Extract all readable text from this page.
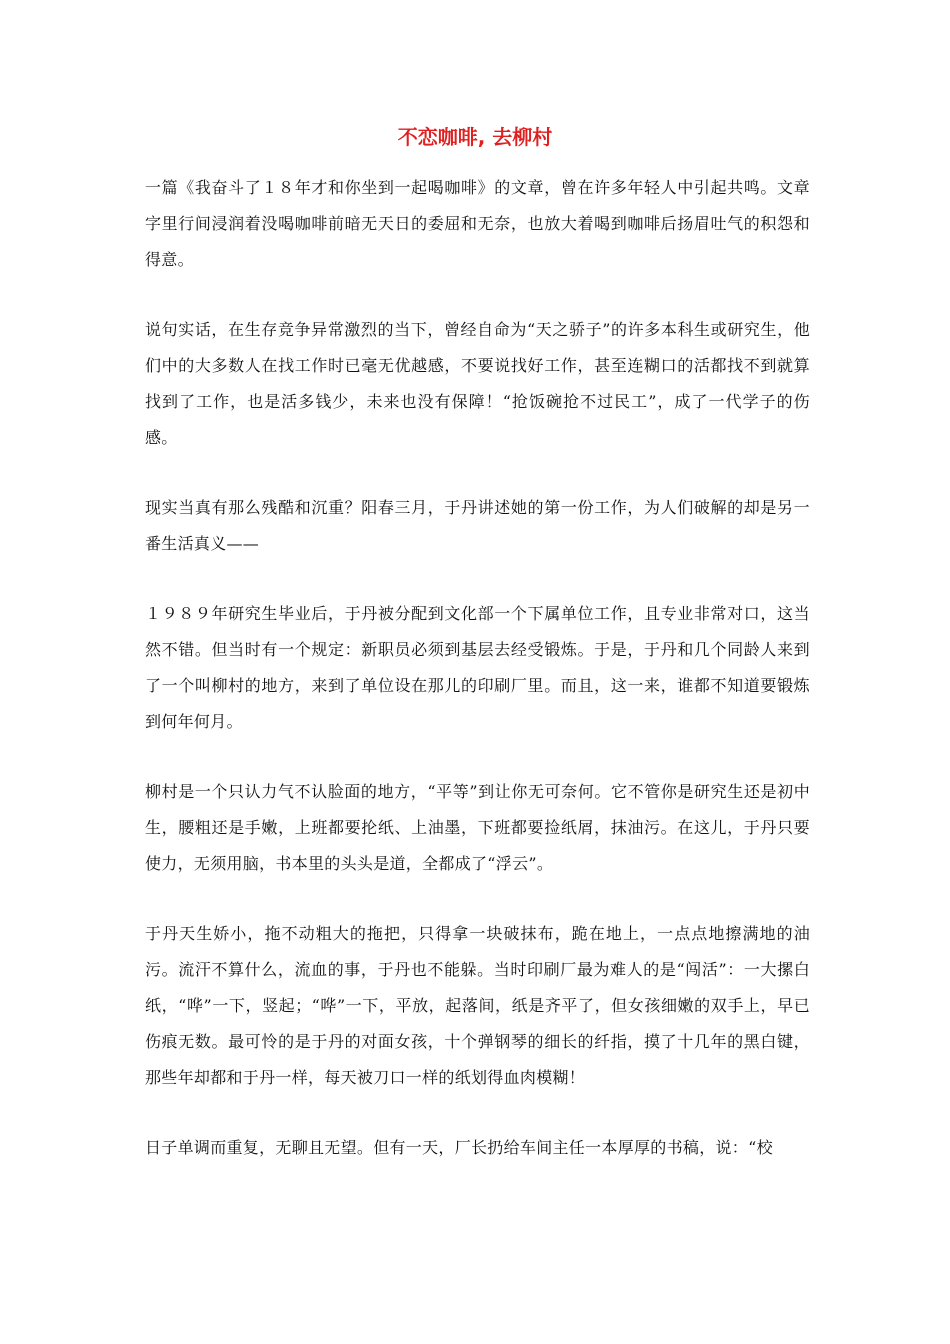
不恋咖啡, 去柳村

一篇《我奋斗了１８年才和你坐到一起喝咖啡》的文章，曾在许多年轻人中引起共鸣。文章字里行间浸润着没喝咖啡前暗无天日的委屈和无奈，也放大着喝到咖啡后扬眉吐气的积怨和得意。

说句实话，在生存竞争异常激烈的当下，曾经自命为“天之骄子”的许多本科生或研究生，他们中的大多数人在找工作时已毫无优越感，不要说找好工作，甚至连糊口的活都找不到就算找到了工作，也是活多钱少，未来也没有保障！“抢饭碗抢不过民工”，成了一代学子的伤感。

现实当真有那么残酷和沉重？阳春三月，于丹讲述她的第一份工作，为人们破解的却是另一番生活真义——

１９８９年研究生毕业后，于丹被分配到文化部一个下属单位工作，且专业非常对口，这当然不错。但当时有一个规定：新职员必须到基层去经受锻炼。于是，于丹和几个同龄人来到了一个叫柳村的地方，来到了单位设在那儿的印刷厂里。而且，这一来，谁都不知道要锻炼到何年何月。

柳村是一个只认力气不认脸面的地方，“平等”到让你无可奈何。它不管你是研究生还是初中生，腰粗还是手嫩，上班都要抡纸、上油墨，下班都要捡纸屑，抹油污。在这儿，于丹只要使力，无须用脑，书本里的头头是道，全都成了“浮云”。

于丹天生娇小，拖不动粗大的拖把，只得拿一块破抹布，跪在地上，一点点地擦满地的油污。流汗不算什么，流血的事，于丹也不能躲。当时印刷厂最为难人的是“闯活”：一大摞白纸，“哗”一下，竖起；“哗”一下，平放，起落间，纸是齐平了，但女孩细嫩的双手上，早已伤痕无数。最可怜的是于丹的对面女孩，十个弹钢琴的细长的纤指，摸了十几年的黑白键，那些年却都和于丹一样，每天被刀口一样的纸划得血肉模糊！

日子单调而重复，无聊且无望。但有一天，厂长扔给车间主任一本厚厚的书稿，说：“校
